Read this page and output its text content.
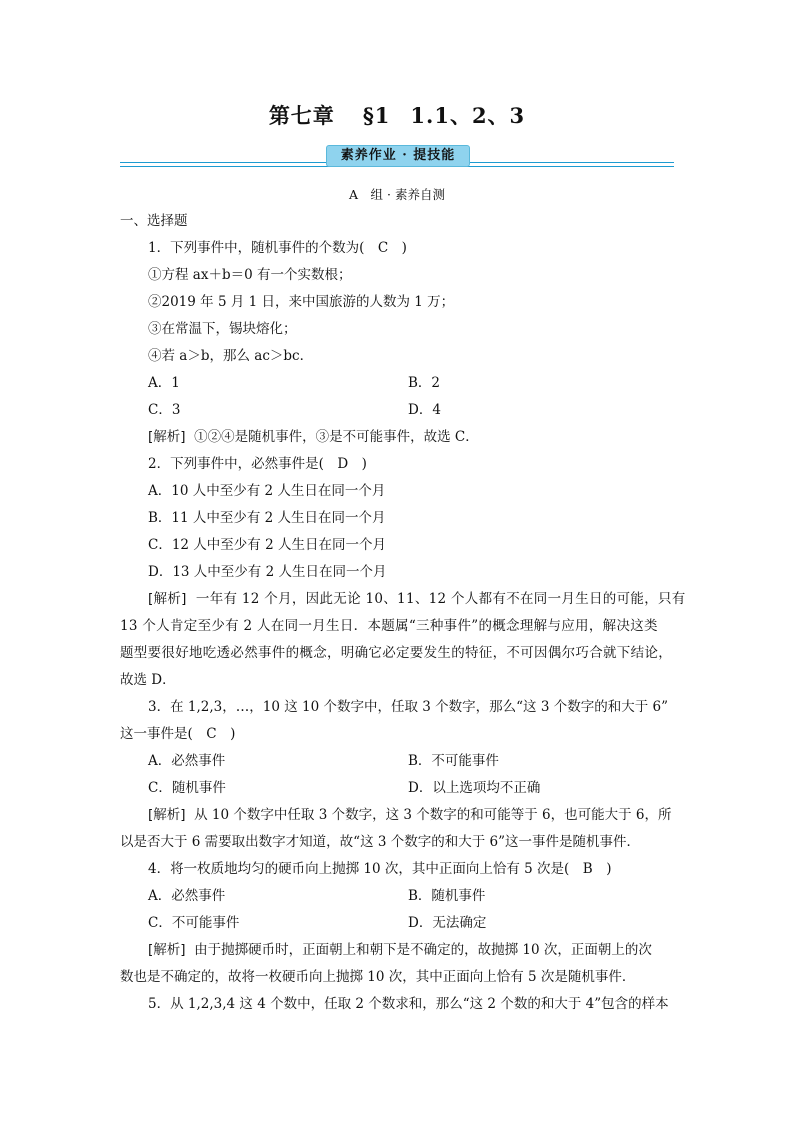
第七章 §1 1.1、2、3
素养作业 · 提技能
A　组 · 素养自测
一、选择题
1．下列事件中，随机事件的个数为(　C　)
①方程 ax＋b＝0 有一个实数根；
②2019 年 5 月 1 日，来中国旅游的人数为 1 万；
③在常温下，锡块熔化；
④若 a＞b，那么 ac＞bc．
A．1	B．2
C．3	D．4
[解析] ①②④是随机事件，③是不可能事件，故选 C．
2．下列事件中，必然事件是(　D　)
A．10 人中至少有 2 人生日在同一个月
B．11 人中至少有 2 人生日在同一个月
C．12 人中至少有 2 人生日在同一个月
D．13 人中至少有 2 人生日在同一个月
[解析] 一年有 12 个月，因此无论 10、11、12 个人都有不在同一月生日的可能，只有
13 个人肯定至少有 2 人在同一月生日．本题属“三种事件”的概念理解与应用，解决这类
题型要很好地吃透必然事件的概念，明确它必定要发生的特征，不可因偶尔巧合就下结论，
故选 D．
3．在 1,2,3，…，10 这 10 个数字中，任取 3 个数字，那么“这 3 个数字的和大于 6”
这一事件是(　C　)
A．必然事件	B．不可能事件
C．随机事件	D．以上选项均不正确
[解析] 从 10 个数字中任取 3 个数字，这 3 个数字的和可能等于 6，也可能大于 6，所
以是否大于 6 需要取出数字才知道，故“这 3 个数字的和大于 6”这一事件是随机事件．
4．将一枚质地均匀的硬币向上抛掷 10 次，其中正面向上恰有 5 次是(　B　)
A．必然事件	B．随机事件
C．不可能事件	D．无法确定
[解析] 由于抛掷硬币时，正面朝上和朝下是不确定的，故抛掷 10 次，正面朝上的次
数也是不确定的，故将一枚硬币向上抛掷 10 次，其中正面向上恰有 5 次是随机事件．
5．从 1,2,3,4 这 4 个数中，任取 2 个数求和，那么“这 2 个数的和大于 4”包含的样本
